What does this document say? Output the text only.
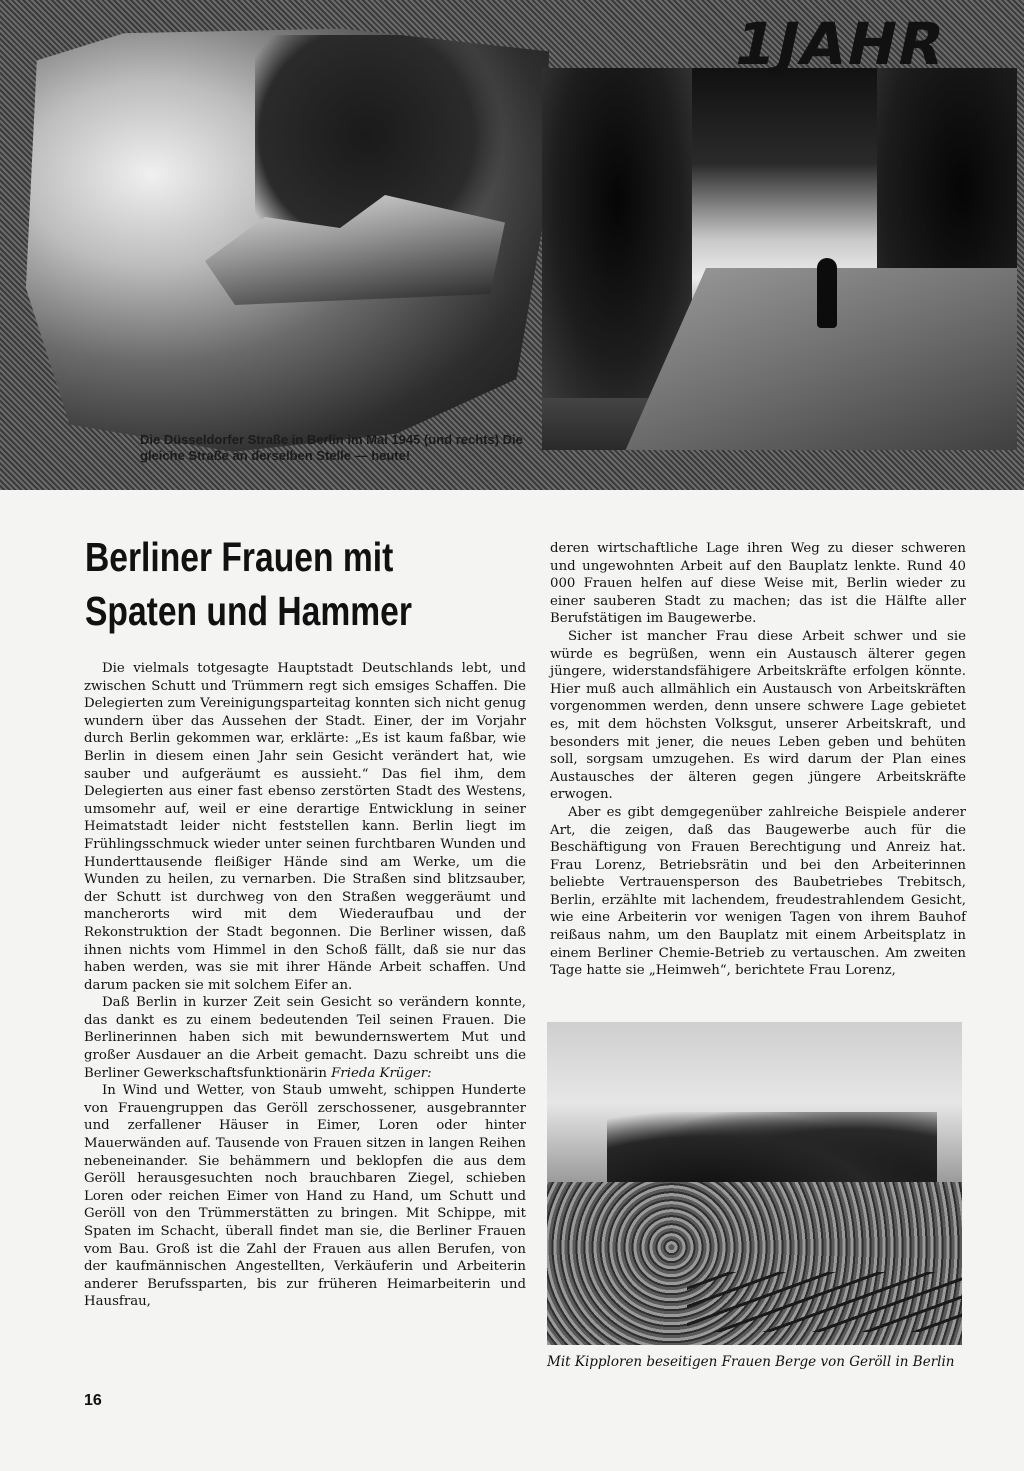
1JAHR
Die Düsseldorfer Straße in Berlin im Mai 1945 (und rechts) Die gleiche Straße an derselben Stelle — heute!
Berliner Frauen mit
Spaten und Hammer

Die vielmals totgesagte Hauptstadt Deutschlands lebt, und zwischen Schutt und Trümmern regt sich emsiges Schaffen. Die Delegierten zum Vereinigungsparteitag konnten sich nicht genug wundern über das Aussehen der Stadt. Einer, der im Vorjahr durch Berlin gekommen war, erklärte: „Es ist kaum faßbar, wie Berlin in diesem einen Jahr sein Gesicht verändert hat, wie sauber und aufgeräumt es aussieht.“ Das fiel ihm, dem Delegierten aus einer fast ebenso zerstörten Stadt des Westens, umsomehr auf, weil er eine derartige Entwicklung in seiner Heimatstadt leider nicht feststellen kann. Berlin liegt im Frühlingsschmuck wieder unter seinen furchtbaren Wunden und Hunderttausende fleißiger Hände sind am Werke, um die Wunden zu heilen, zu vernarben. Die Straßen sind blitzsauber, der Schutt ist durchweg von den Straßen weggeräumt und mancherorts wird mit dem Wiederaufbau und der Rekonstruktion der Stadt begonnen. Die Berliner wissen, daß ihnen nichts vom Himmel in den Schoß fällt, daß sie nur das haben werden, was sie mit ihrer Hände Arbeit schaffen. Und darum packen sie mit solchem Eifer an.

Daß Berlin in kurzer Zeit sein Gesicht so verändern konnte, das dankt es zu einem bedeutenden Teil seinen Frauen. Die Berlinerinnen haben sich mit bewundernswertem Mut und großer Ausdauer an die Arbeit gemacht. Dazu schreibt uns die Berliner Gewerkschaftsfunktionärin Frieda Krüger:

In Wind und Wetter, von Staub umweht, schippen Hunderte von Frauengruppen das Geröll zerschossener, ausgebrannter und zerfallener Häuser in Eimer, Loren oder hinter Mauerwänden auf. Tausende von Frauen sitzen in langen Reihen nebeneinander. Sie behämmern und beklopfen die aus dem Geröll herausgesuchten noch brauchbaren Ziegel, schieben Loren oder reichen Eimer von Hand zu Hand, um Schutt und Geröll von den Trümmerstätten zu bringen. Mit Schippe, mit Spaten im Schacht, überall findet man sie, die Berliner Frauen vom Bau. Groß ist die Zahl der Frauen aus allen Berufen, von der kaufmännischen Angestellten, Verkäuferin und Arbeiterin anderer Berufssparten, bis zur früheren Heimarbeiterin und Hausfrau,

deren wirtschaftliche Lage ihren Weg zu dieser schweren und ungewohnten Arbeit auf den Bauplatz lenkte. Rund 40 000 Frauen helfen auf diese Weise mit, Berlin wieder zu einer sauberen Stadt zu machen; das ist die Hälfte aller Berufstätigen im Baugewerbe.

Sicher ist mancher Frau diese Arbeit schwer und sie würde es begrüßen, wenn ein Austausch älterer gegen jüngere, widerstandsfähigere Arbeitskräfte erfolgen könnte. Hier muß auch allmählich ein Austausch von Arbeitskräften vorgenommen werden, denn unsere schwere Lage gebietet es, mit dem höchsten Volksgut, unserer Arbeitskraft, und besonders mit jener, die neues Leben geben und behüten soll, sorgsam umzugehen. Es wird darum der Plan eines Austausches der älteren gegen jüngere Arbeitskräfte erwogen.

Aber es gibt demgegenüber zahlreiche Beispiele anderer Art, die zeigen, daß das Baugewerbe auch für die Beschäftigung von Frauen Berechtigung und Anreiz hat. Frau Lorenz, Betriebsrätin und bei den Arbeiterinnen beliebte Vertrauensperson des Baubetriebes Trebitsch, Berlin, erzählte mit lachendem, freudestrahlendem Gesicht, wie eine Arbeiterin vor wenigen Tagen von ihrem Bauhof reißaus nahm, um den Bauplatz mit einem Arbeitsplatz in einem Berliner Chemie-Betrieb zu vertauschen. Am zweiten Tage hatte sie „Heimweh“, berichtete Frau Lorenz,

Mit Kipploren beseitigen Frauen Berge von Geröll in Berlin
16
